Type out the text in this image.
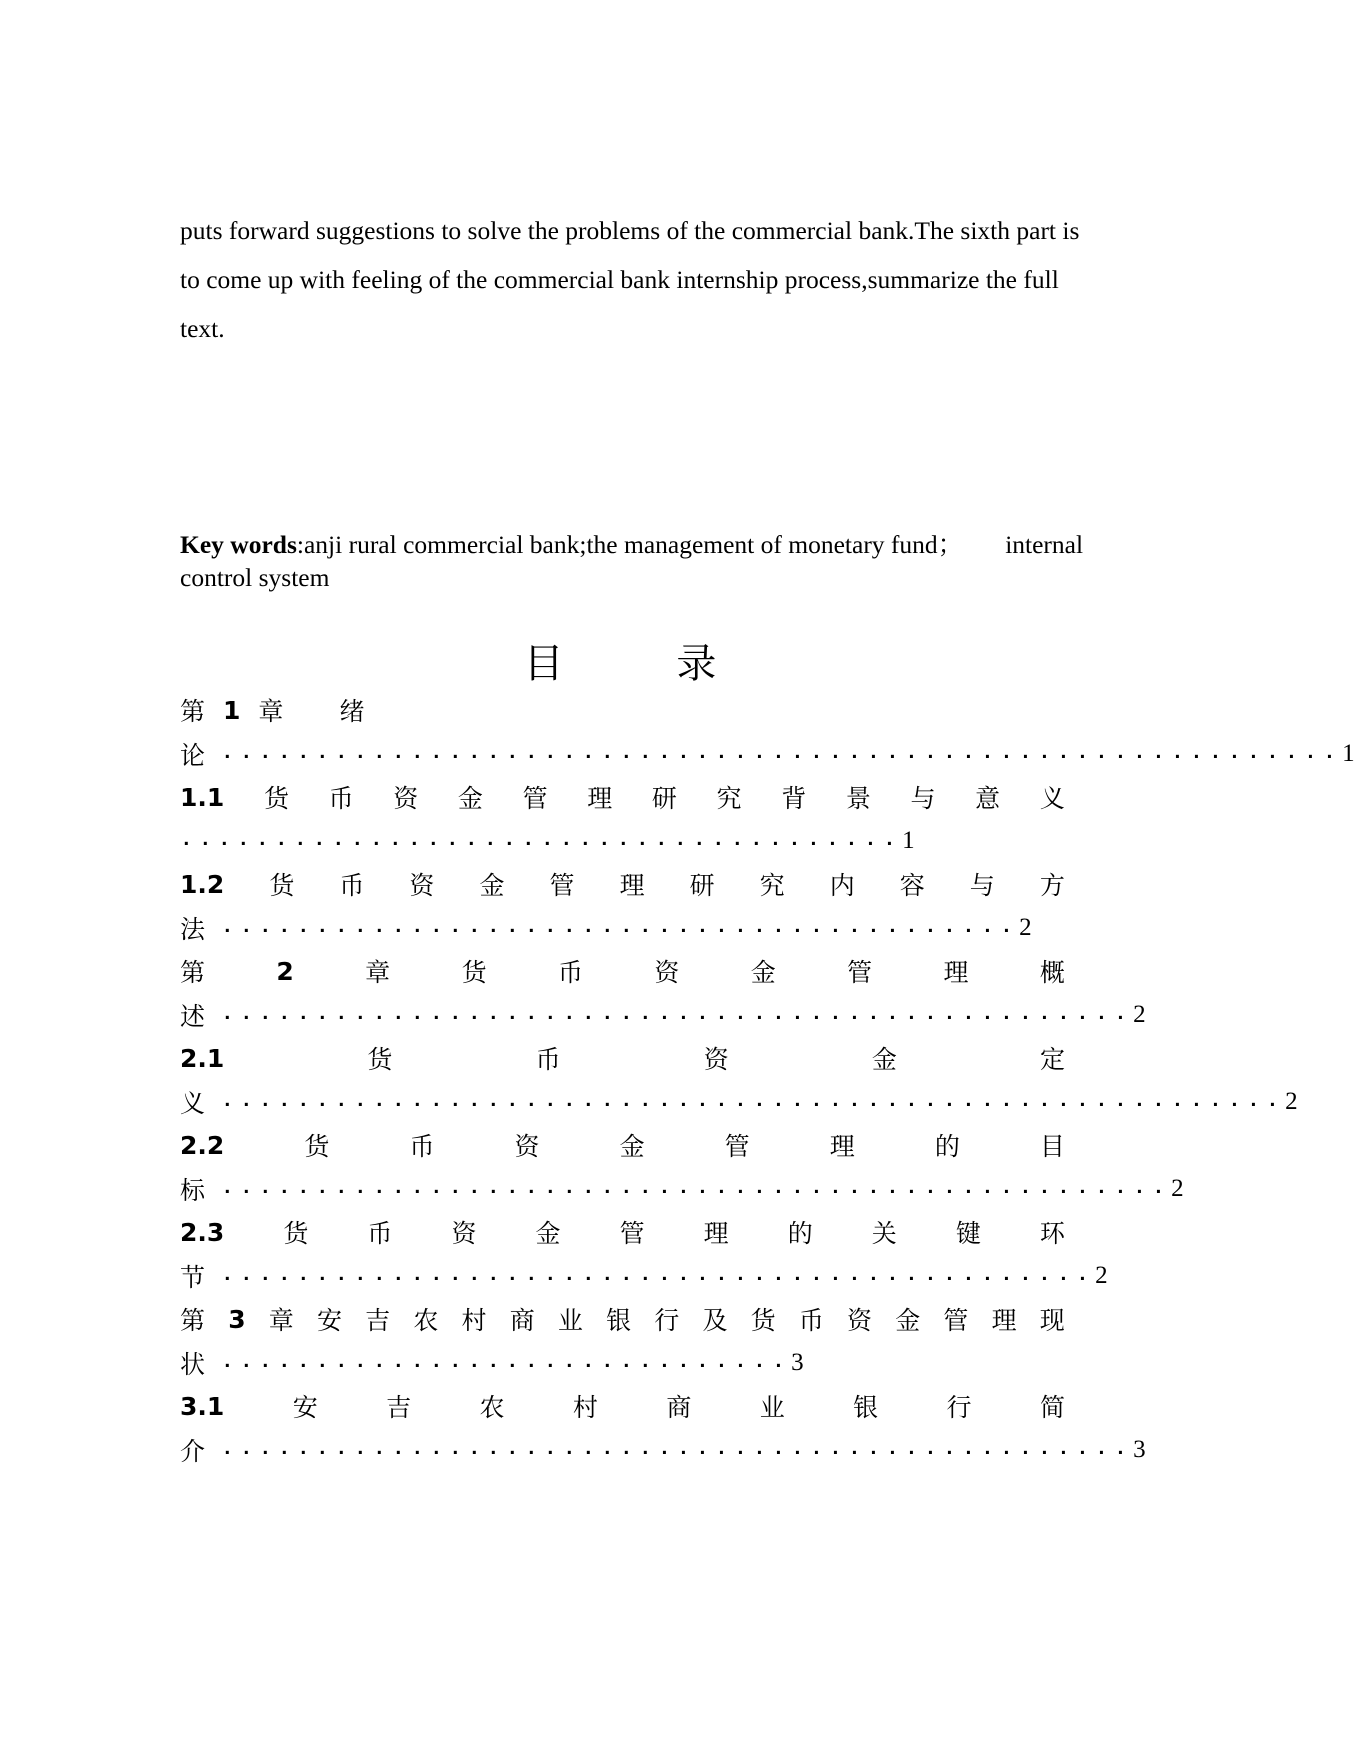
puts forward suggestions to solve the problems of the commercial bank.The sixth part is
to come up with feeling of the commercial bank internship process,summarize the full
text.
Key words:anji rural commercial bank;the management of monetary fund； internal
control system
目 录
第 1 章 绪
论 ........................................................... 1
1.1 货 币 资 金 管 理 研 究 背 景 与 意 义
...................................... 1
1.2 货 币 资 金 管 理 研 究 内 容 与 方
法 .......................................... 2
第	2	章	货	币	资	金	管	理	概
述 ................................................ 2
2.1	货	币	资	金	定
义 ........................................................ 2
2.2	货	币	资	金	管	理	的	目
标 .................................................. 2
2.3 货 币 资 金 管 理 的 关 键 环
节 .............................................. 2
第 3 章 安 吉 农 村 商 业 银 行 及 货 币 资 金 管 理 现
状 .............................. 3
3.1	安	吉	农	村	商	业	银	行	简
介 ................................................ 3
